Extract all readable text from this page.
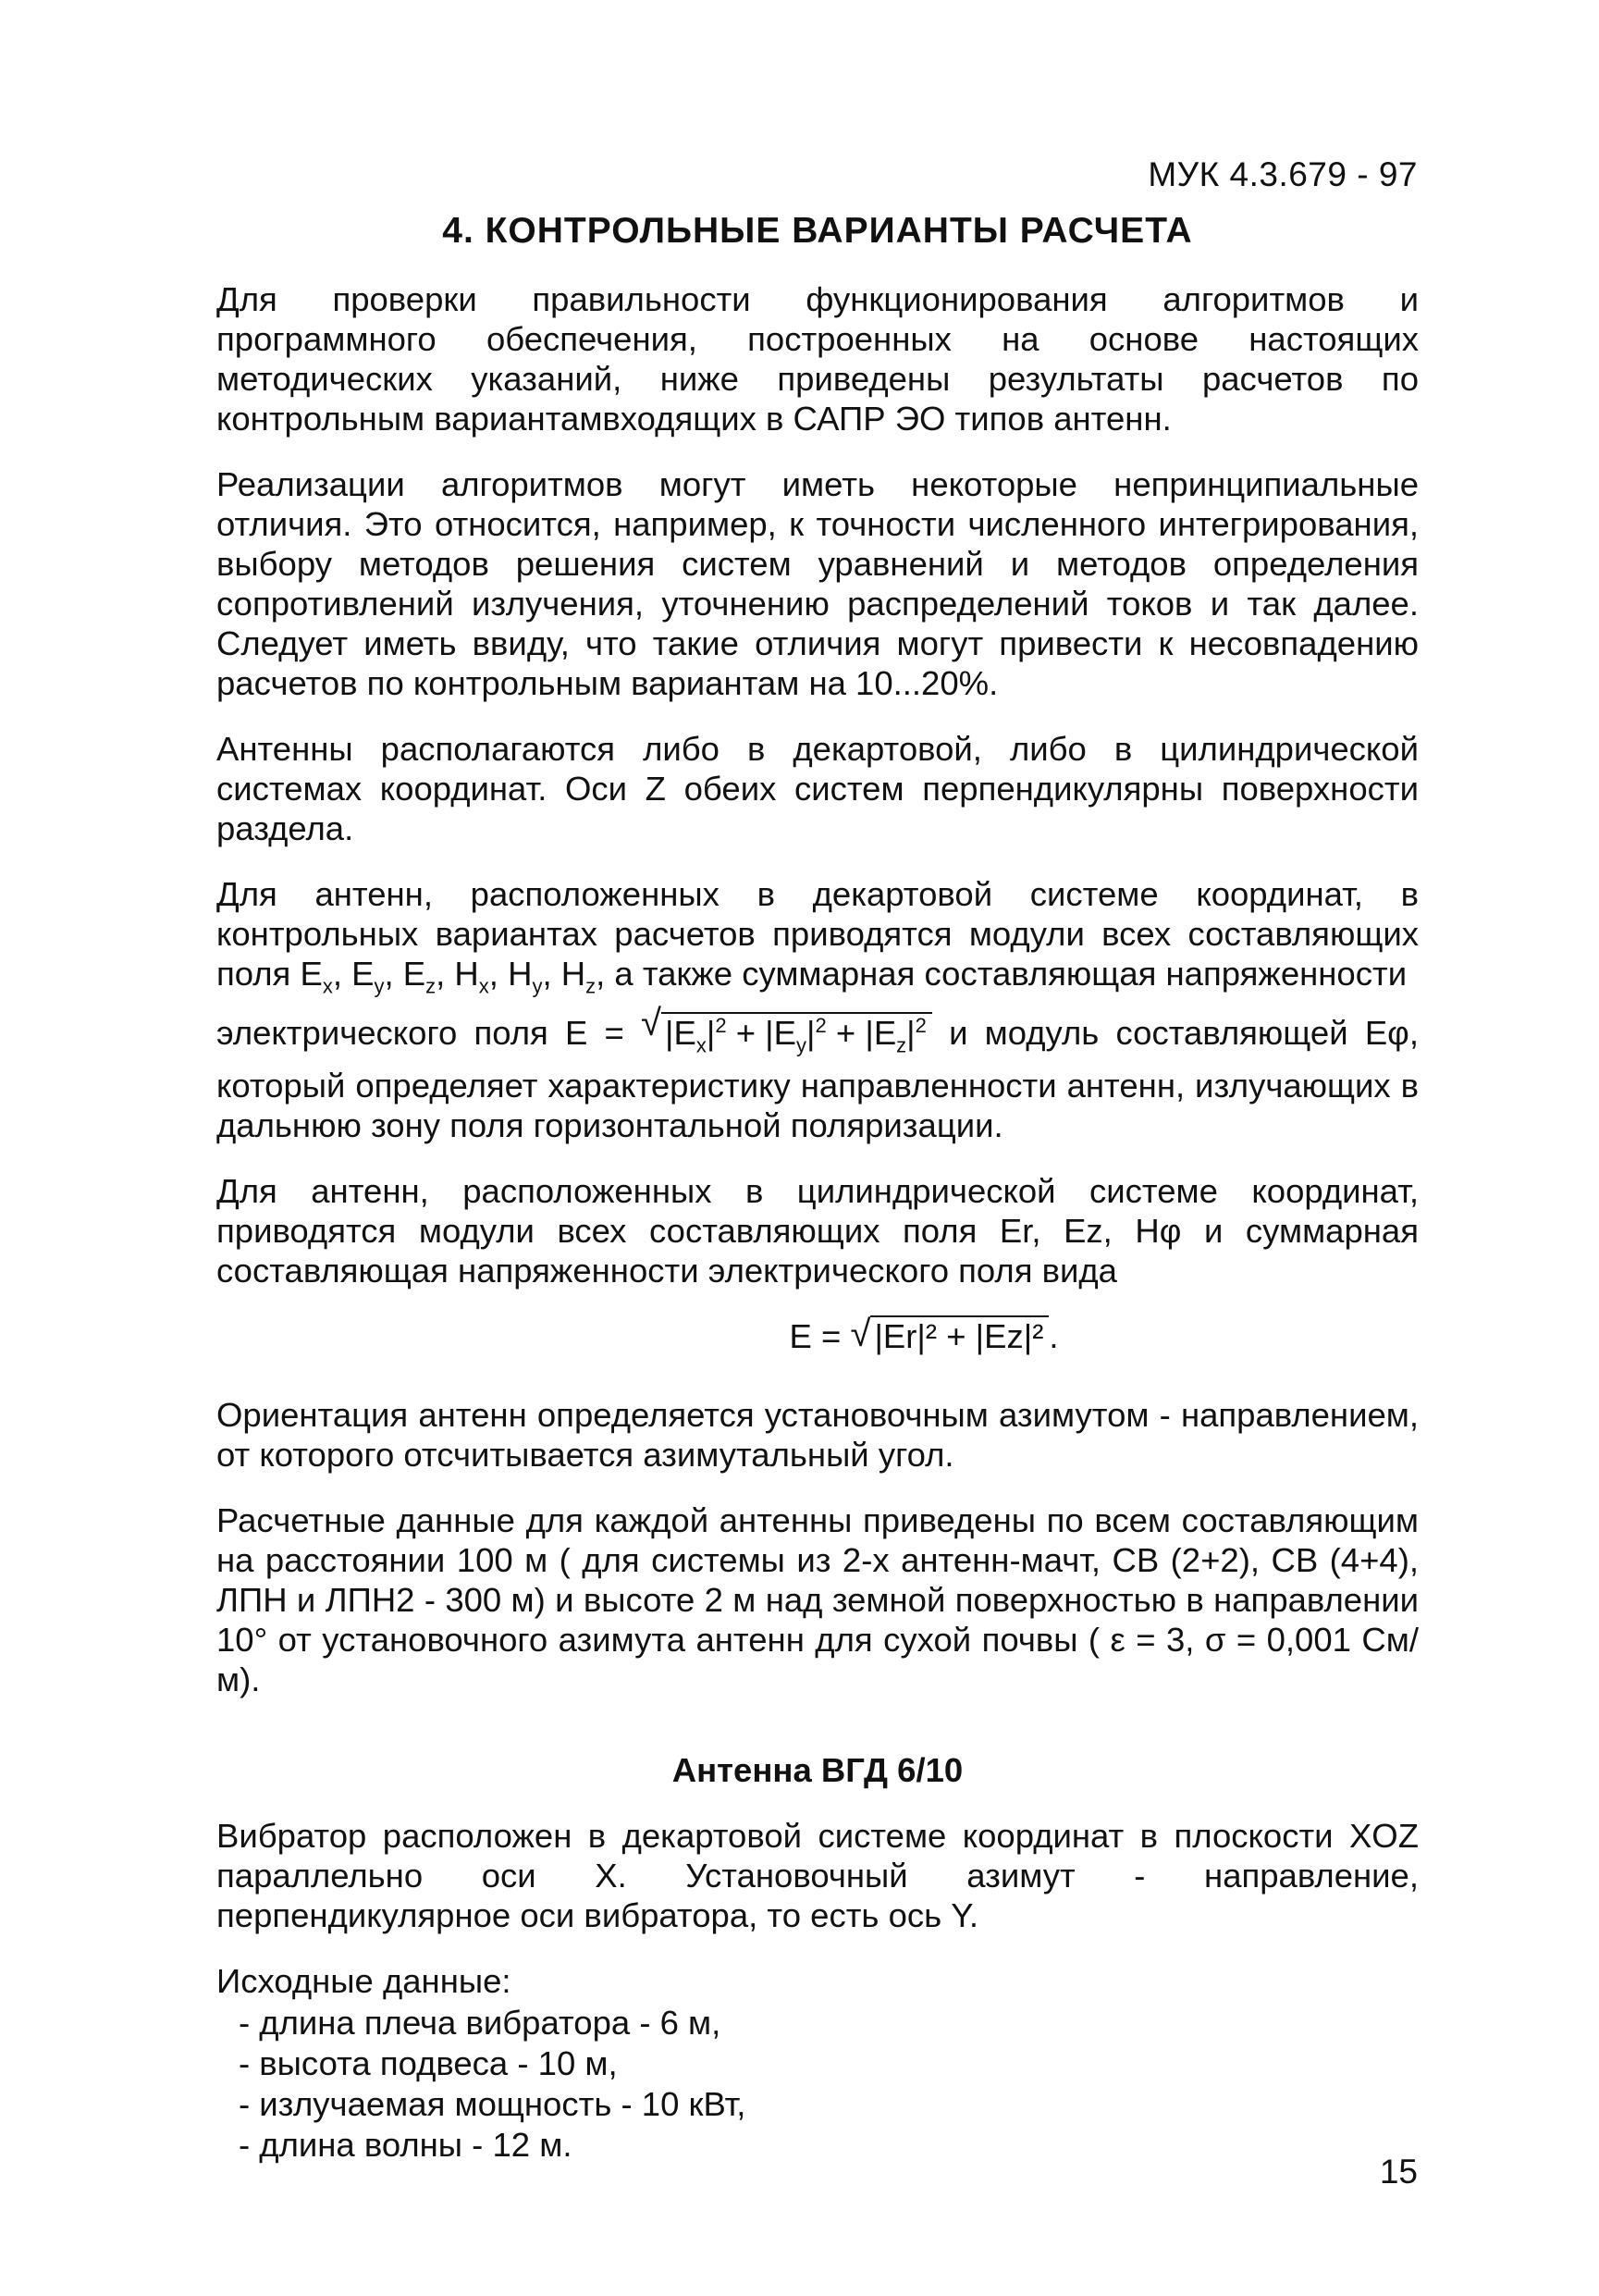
МУК 4.3.679 - 97
4. КОНТРОЛЬНЫЕ ВАРИАНТЫ РАСЧЕТА

Для проверки правильности функционирования алгоритмов и программного обеспечения, построенных на основе настоящих методических указаний, ниже приведены результаты расчетов по контрольным вариантамвходящих в САПР ЭО типов антенн.

Реализации алгоритмов могут иметь некоторые непринципиальные отличия. Это относится, например, к точности численного интегрирования, выбору методов решения систем уравнений и методов определения сопротивлений излучения, уточнению распределений токов и так далее. Следует иметь ввиду, что такие отличия могут привести к несовпадению расчетов по контрольным вариантам на 10...20%.

Антенны располагаются либо в декартовой, либо в цилиндрической системах координат. Оси Z обеих систем перпендикулярны поверхности раздела.

Для антенн, расположенных в декартовой системе координат, в контрольных вариантах расчетов приводятся модули всех составляющих поля $E_x$, $E_y$, $E_z$, $H_x$, $H_y$, $H_z$, а также суммарная составляющая напряженности
электрического поля E = √ $|E_x|^2 + |E_y|^2 + |E_z|^2$ и модуль составляющей Eφ, который определяет характеристику направленности антенн, излучающих в дальнюю зону поля горизонтальной поляризации.

Для антенн, расположенных в цилиндрической системе координат, приводятся модули всех составляющих поля Er, Ez, Hφ и суммарная составляющая напряженности электрического поля вида

E = √ |Er|² + |Ez|² .

Ориентация антенн определяется установочным азимутом - направлением, от которого отсчитывается азимутальный угол.

Расчетные данные для каждой антенны приведены по всем составляющим на расстоянии 100 м ( для системы из 2-х антенн-мачт, СВ (2+2), СВ (4+4), ЛПН и ЛПН2 - 300 м) и высоте 2 м над земной поверхностью в направлении 10° от установочного азимута антенн для сухой почвы ( ε = 3, σ = 0,001 См/м).

Антенна ВГД 6/10

Вибратор расположен в декартовой системе координат в плоскости XOZ параллельно оси X. Установочный азимут - направление, перпендикулярное оси вибратора, то есть ось Y.

Исходные данные:
- длина плеча вибратора - 6 м,
- высота подвеса - 10 м,
- излучаемая мощность - 10 кВт,
- длина волны - 12 м.
15
